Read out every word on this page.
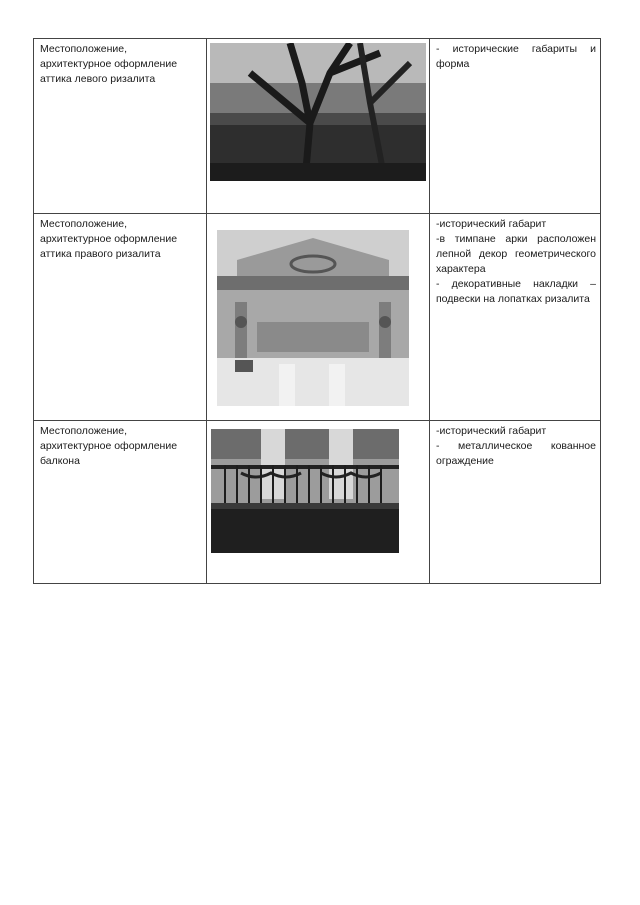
Местоположение,
архитектурное оформление
аттика левого ризалита		- исторические габариты и форма

Местоположение,
архитектурное оформление
аттика правого ризалита		-исторический габарит
-в тимпане арки расположен лепной декор геометрического характера
- декоративные накладки – подвески на лопатках ризалита

Местоположение,
архитектурное оформление
балкона		-исторический габарит
- металлическое кованное ограждение
